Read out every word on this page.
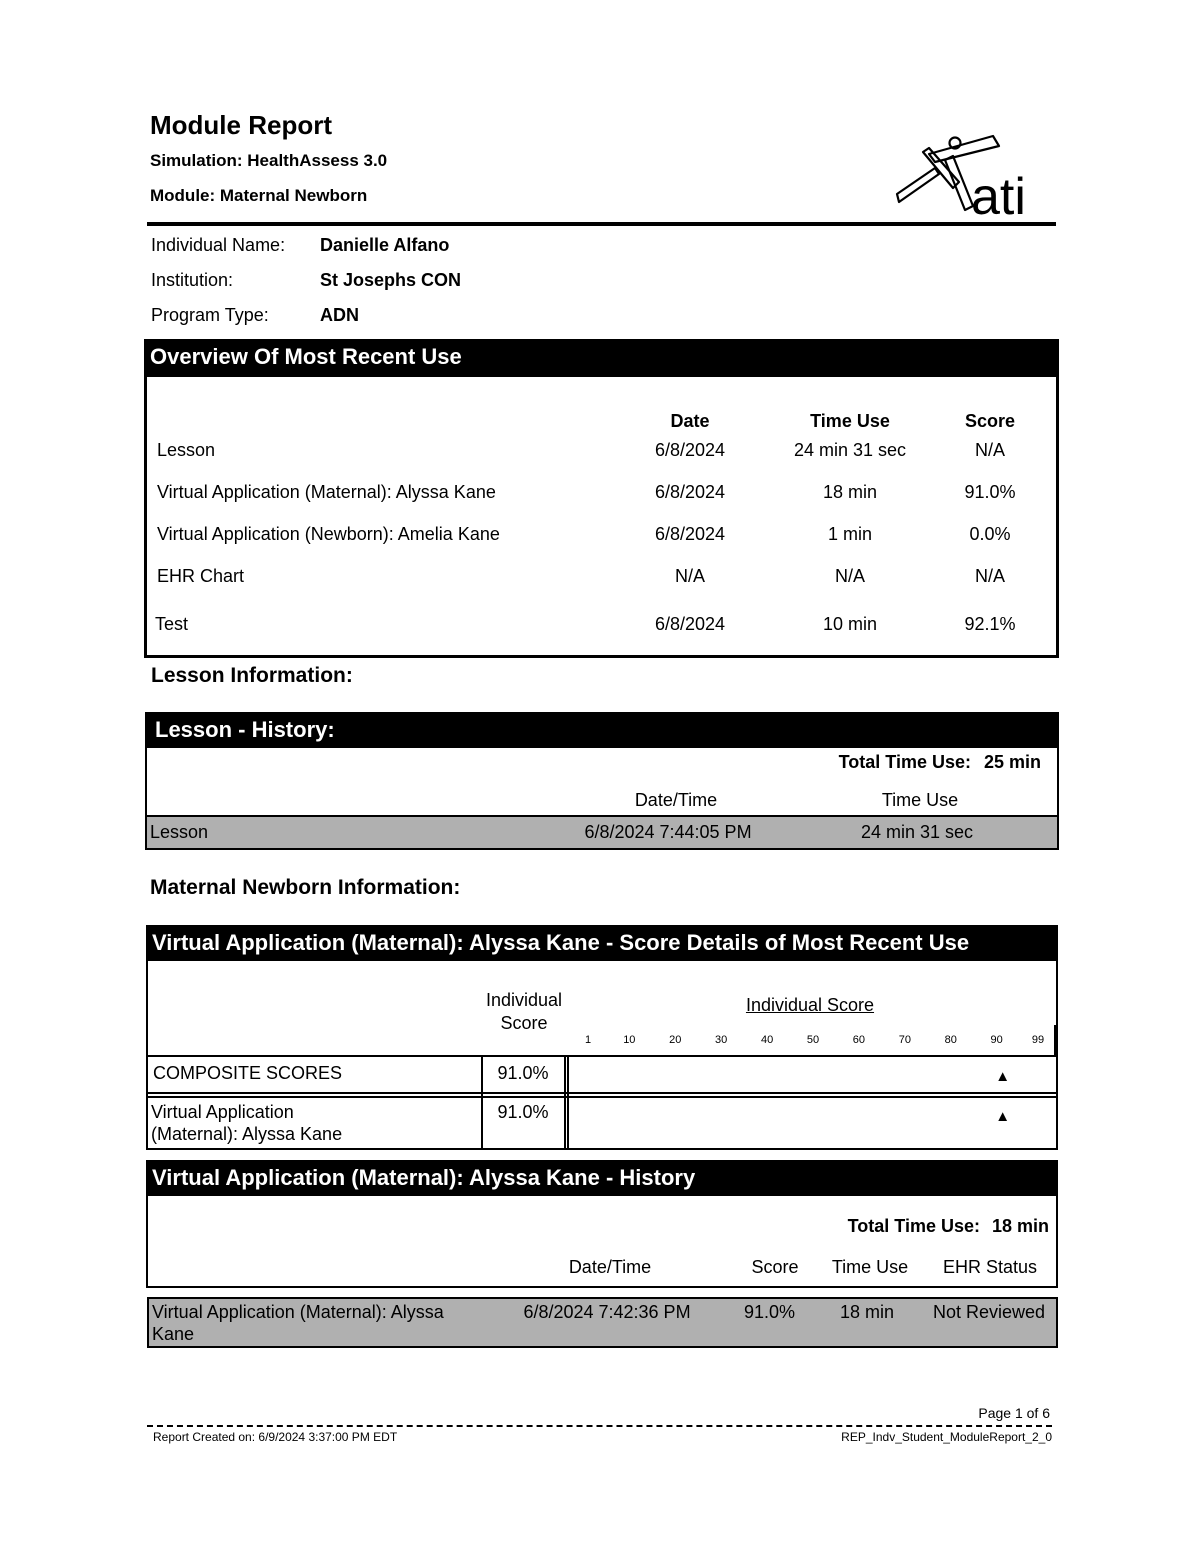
Module Report
Simulation: HealthAssess 3.0
Module: Maternal Newborn	ati
Individual Name: Danielle Alfano
Institution:	St Josephs CON
Program Type:	ADN
Overview Of Most Recent Use
Date	Time Use	Score
Lesson	6/8/2024	24 min 31 sec	N/A
Virtual Application (Maternal): Alyssa Kane	6/8/2024	18 min	91.0%
Virtual Application (Newborn): Amelia Kane	6/8/2024	1 min	0.0%
EHR Chart	N/A	N/A	N/A
Test	6/8/2024	10 min	92.1%
Lesson Information:
Lesson - History:
Total Time Use: 25 min
Date/Time	Time Use
Lesson	6/8/2024 7:44:05 PM	24 min 31 sec
Maternal Newborn Information:
Virtual Application (Maternal): Alyssa Kane - Score Details of Most Recent Use
Individual
Score
Individual Score
1	10	20	30	40	50	60	70	80	90	99
COMPOSITE SCORES	91.0%	▲
Virtual Application
(Maternal): Alyssa Kane
91.0%	▲
Virtual Application (Maternal): Alyssa Kane - History
Total Time Use: 18 min
Date/Time	Score	Time Use	EHR Status
Virtual Application (Maternal): Alyssa
Kane
6/8/2024 7:42:36 PM	91.0%	18 min	Not Reviewed
Page 1 of 6
Report Created on: 6/9/2024 3:37:00 PM EDT	REP_Indv_Student_ModuleReport_2_0
